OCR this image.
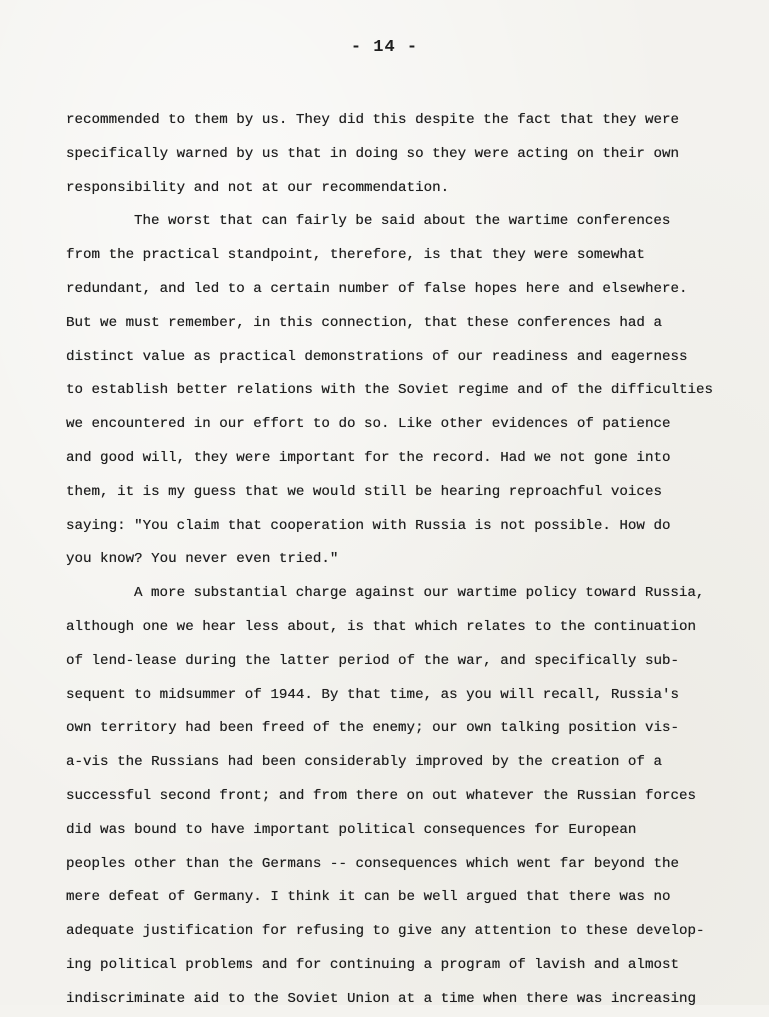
- 14 -
recommended to them by us. They did this despite the fact that they were
specifically warned by us that in doing so they were acting on their own
responsibility and not at our recommendation.
The worst that can fairly be said about the wartime conferences
from the practical standpoint, therefore, is that they were somewhat
redundant, and led to a certain number of false hopes here and elsewhere.
But we must remember, in this connection, that these conferences had a
distinct value as practical demonstrations of our readiness and eagerness
to establish better relations with the Soviet regime and of the difficulties
we encountered in our effort to do so. Like other evidences of patience
and good will, they were important for the record. Had we not gone into
them, it is my guess that we would still be hearing reproachful voices
saying: "You claim that cooperation with Russia is not possible. How do
you know? You never even tried."
A more substantial charge against our wartime policy toward Russia,
although one we hear less about, is that which relates to the continuation
of lend-lease during the latter period of the war, and specifically sub-
sequent to midsummer of 1944. By that time, as you will recall, Russia's
own territory had been freed of the enemy; our own talking position vis-
a-vis the Russians had been considerably improved by the creation of a
successful second front; and from there on out whatever the Russian forces
did was bound to have important political consequences for European
peoples other than the Germans -- consequences which went far beyond the
mere defeat of Germany. I think it can be well argued that there was no
adequate justification for refusing to give any attention to these develop-
ing political problems and for continuing a program of lavish and almost
indiscriminate aid to the Soviet Union at a time when there was increasing
